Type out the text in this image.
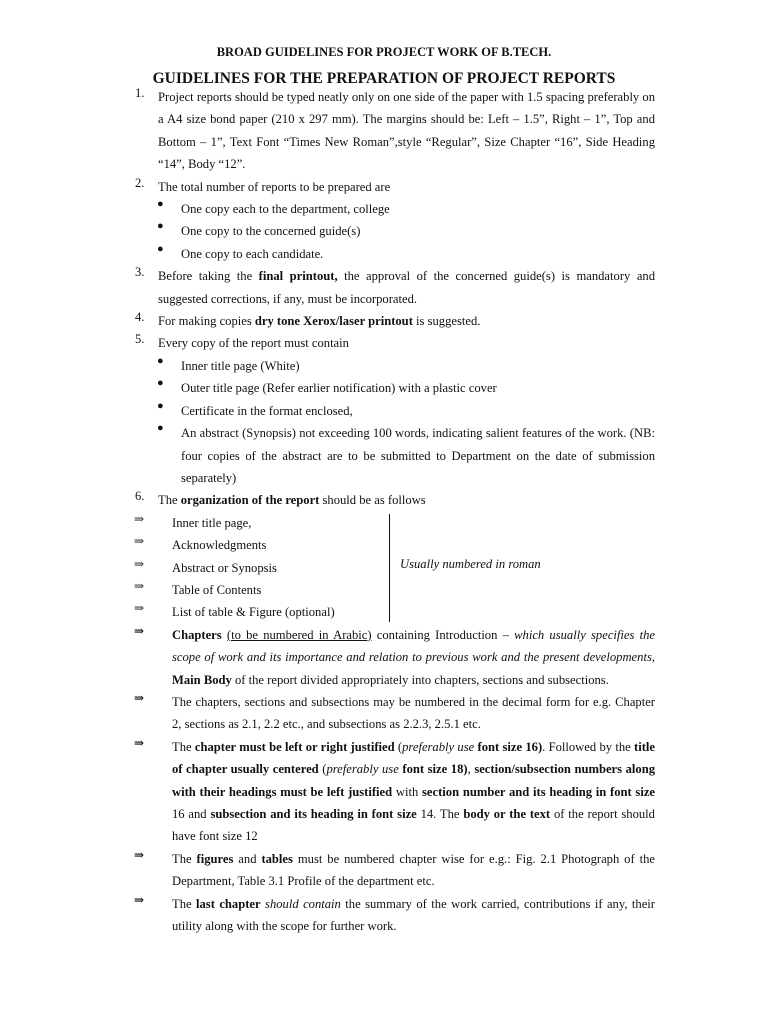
BROAD GUIDELINES FOR PROJECT WORK OF B.TECH.
GUIDELINES FOR THE PREPARATION OF PROJECT REPORTS
1. Project reports should be typed neatly only on one side of the paper with 1.5 spacing preferably on a A4 size bond paper (210 x 297 mm). The margins should be: Left – 1.5”, Right – 1”, Top and Bottom – 1”, Text Font “Times New Roman”,style “Regular”, Size Chapter “16”, Side Heading “14”, Body “12”.
2. The total number of reports to be prepared are
● One copy each to the department, college
● One copy to the concerned guide(s)
● One copy to each candidate.
3. Before taking the final printout, the approval of the concerned guide(s) is mandatory and suggested corrections, if any, must be incorporated.
4. For making copies dry tone Xerox/laser printout is suggested.
5. Every copy of the report must contain
● Inner title page (White)
● Outer title page (Refer earlier notification) with a plastic cover
● Certificate in the format enclosed,
● An abstract (Synopsis) not exceeding 100 words, indicating salient features of the work. (NB: four copies of the abstract are to be submitted to Department on the date of submission separately)
6. The organization of the report should be as follows
⇒ Inner title page,
⇒ Acknowledgments
⇒ Abstract or Synopsis
⇒ Table of Contents
⇒ List of table & Figure (optional)
⇒ Chapters (to be numbered in Arabic) containing Introduction – which usually specifies the scope of work and its importance and relation to previous work and the present developments, Main Body of the report divided appropriately into chapters, sections and subsections.
⇒ The chapters, sections and subsections may be numbered in the decimal form for e.g. Chapter 2, sections as 2.1, 2.2 etc., and subsections as 2.2.3, 2.5.1 etc.
⇒ The chapter must be left or right justified (preferably use font size 16). Followed by the title of chapter usually centered (preferably use font size 18), section/subsection numbers along with their headings must be left justified with section number and its heading in font size 16 and subsection and its heading in font size 14. The body or the text of the report should have font size 12
⇒ The figures and tables must be numbered chapter wise for e.g.: Fig. 2.1 Photograph of the Department, Table 3.1 Profile of the department etc.
⇒ The last chapter should contain the summary of the work carried, contributions if any, their utility along with the scope for further work.
Usually numbered in roman
